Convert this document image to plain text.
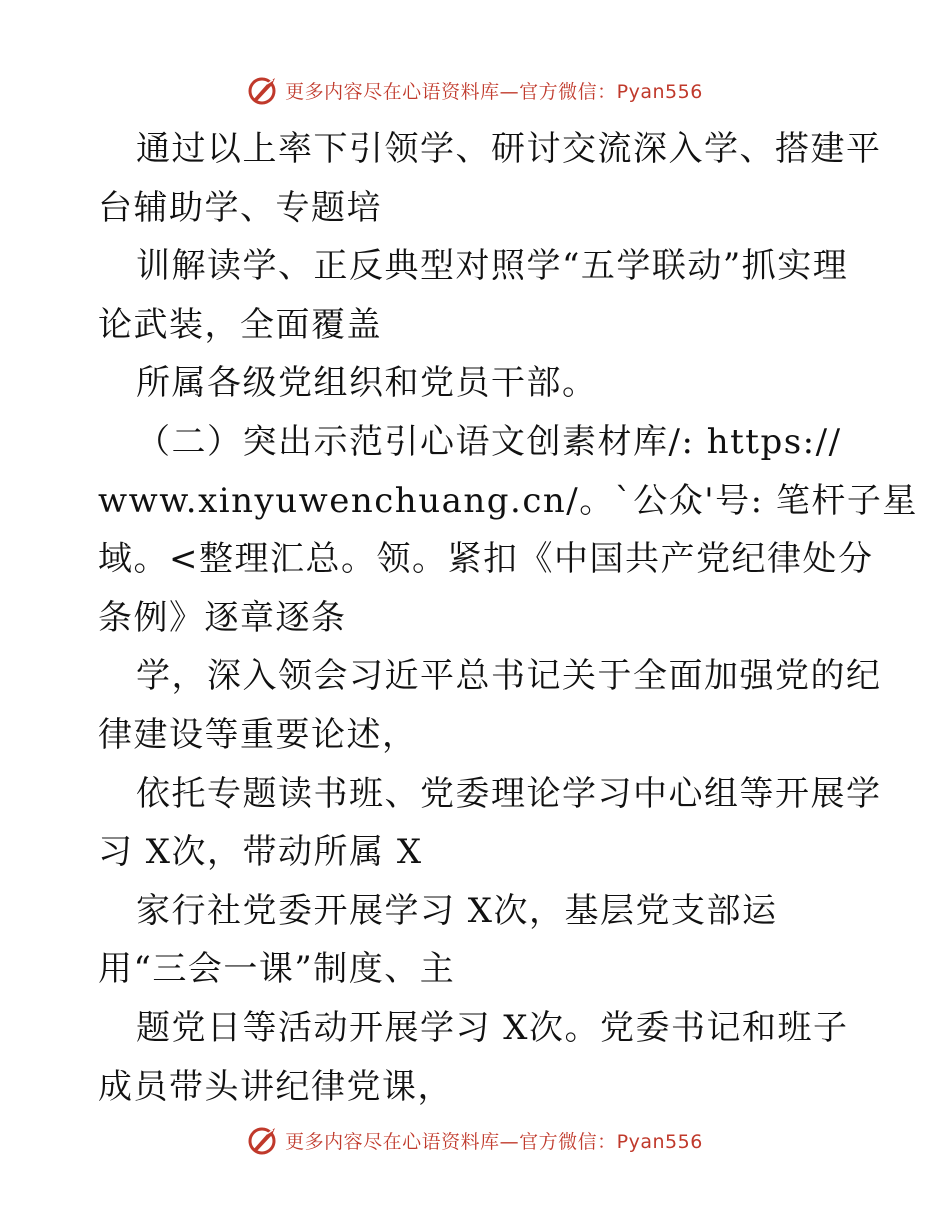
更多内容尽在心语资料库—官方微信：Pyan556
通过以上率下引领学、研讨交流深入学、搭建平
台辅助学、专题培
训解读学、正反典型对照学“五学联动”抓实理
论武装，全面覆盖
所属各级党组织和党员干部。
（二）突出示范引心语文创素材库/: https://
www.xinyuwenchuang.cn/。`公众'号: 笔杆子星
域。<整理汇总。领。紧扣《中国共产党纪律处分
条例》逐章逐条
学，深入领会习近平总书记关于全面加强党的纪
律建设等重要论述，
依托专题读书班、党委理论学习中心组等开展学
习 X次，带动所属 X
家行社党委开展学习 X次，基层党支部运
用“三会一课”制度、主
题党日等活动开展学习 X次。党委书记和班子
成员带头讲纪律党课，
更多内容尽在心语资料库—官方微信：Pyan556
